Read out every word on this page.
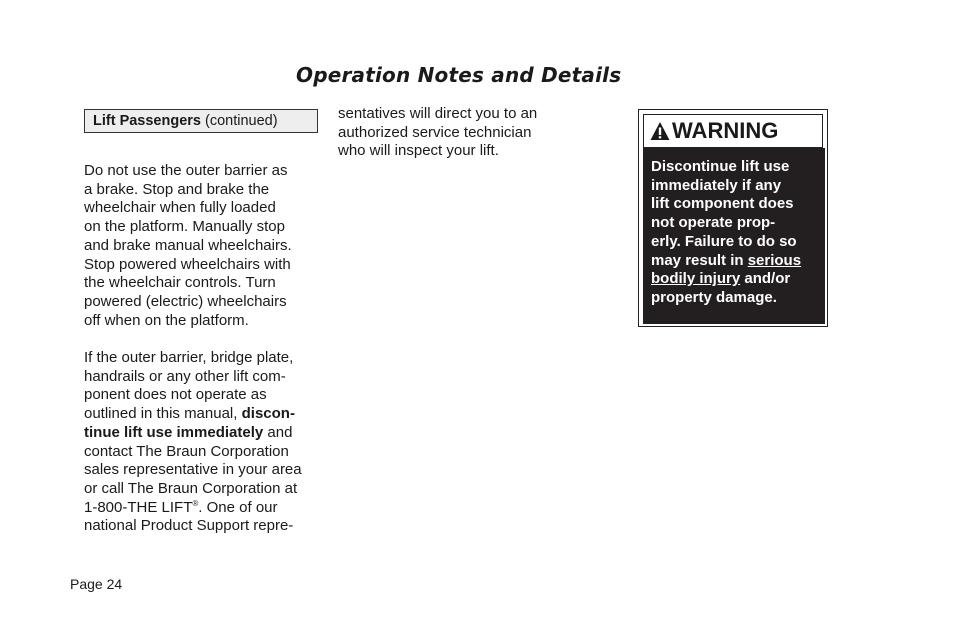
Operation Notes and Details
Lift Passengers (continued)

Do not use the outer barrier as

a brake. Stop and brake the

wheelchair when fully loaded

on the platform. Manually stop

and brake manual wheelchairs.

Stop powered wheelchairs with

the wheelchair controls. Turn

powered (electric) wheelchairs

off when on the platform.

If the outer barrier, bridge plate,

handrails or any other lift com-

ponent does not operate as

outlined in this manual, discon-

tinue lift use immediately and

contact The Braun Corporation

sales representative in your area

or call The Braun Corporation at

1-800-THE LIFT®. One of our

national Product Support repre-

sentatives will direct you to an

authorized service technician

who will inspect your lift.

WARNING

Discontinue lift use

immediately if any

lift component does

not operate prop-

erly. Failure to do so

may result in serious

bodily injury and/or

property damage.

Page 24
